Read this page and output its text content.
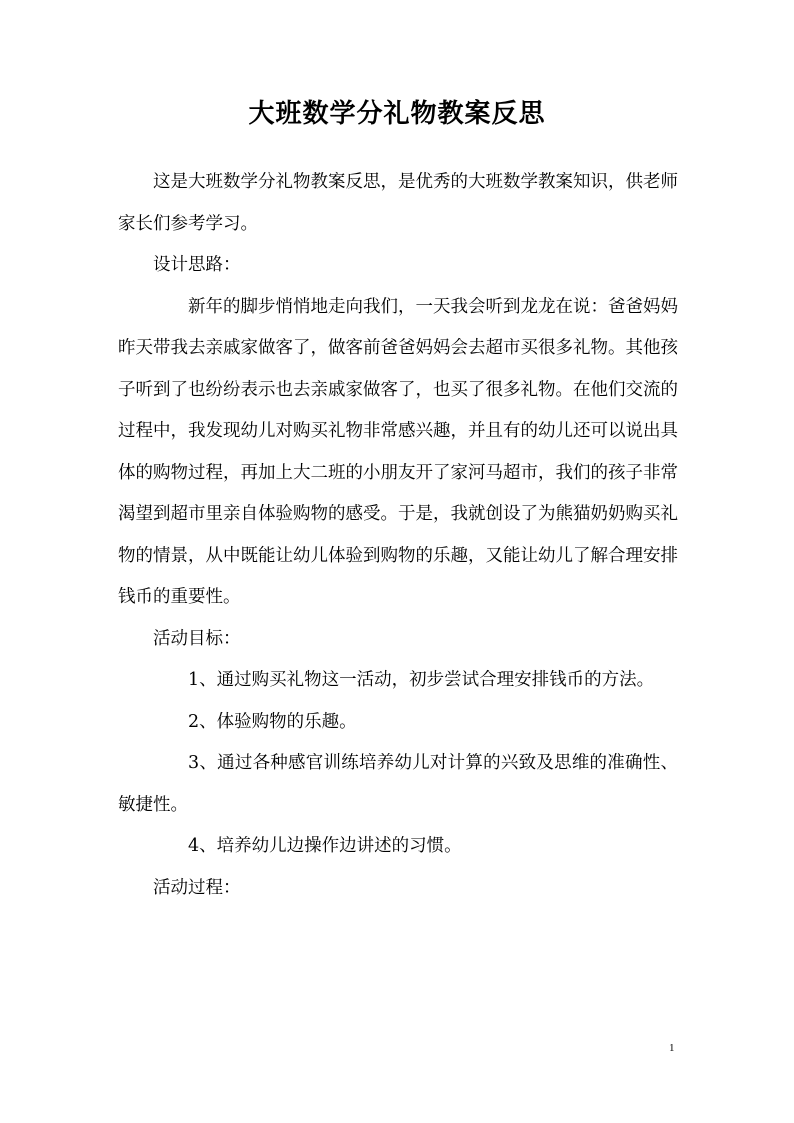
大班数学分礼物教案反思

这是大班数学分礼物教案反思，是优秀的大班数学教案知识，供老师家长们参考学习。

设计思路：

新年的脚步悄悄地走向我们，一天我会听到龙龙在说：爸爸妈妈昨天带我去亲戚家做客了，做客前爸爸妈妈会去超市买很多礼物。其他孩子听到了也纷纷表示也去亲戚家做客了，也买了很多礼物。在他们交流的过程中，我发现幼儿对购买礼物非常感兴趣，并且有的幼儿还可以说出具体的购物过程，再加上大二班的小朋友开了家河马超市，我们的孩子非常渴望到超市里亲自体验购物的感受。于是，我就创设了为熊猫奶奶购买礼物的情景，从中既能让幼儿体验到购物的乐趣，又能让幼儿了解合理安排钱币的重要性。

活动目标：

1、通过购买礼物这一活动，初步尝试合理安排钱币的方法。

2、体验购物的乐趣。

3、通过各种感官训练培养幼儿对计算的兴致及思维的准确性、敏捷性。

4、培养幼儿边操作边讲述的习惯。

活动过程：

1
